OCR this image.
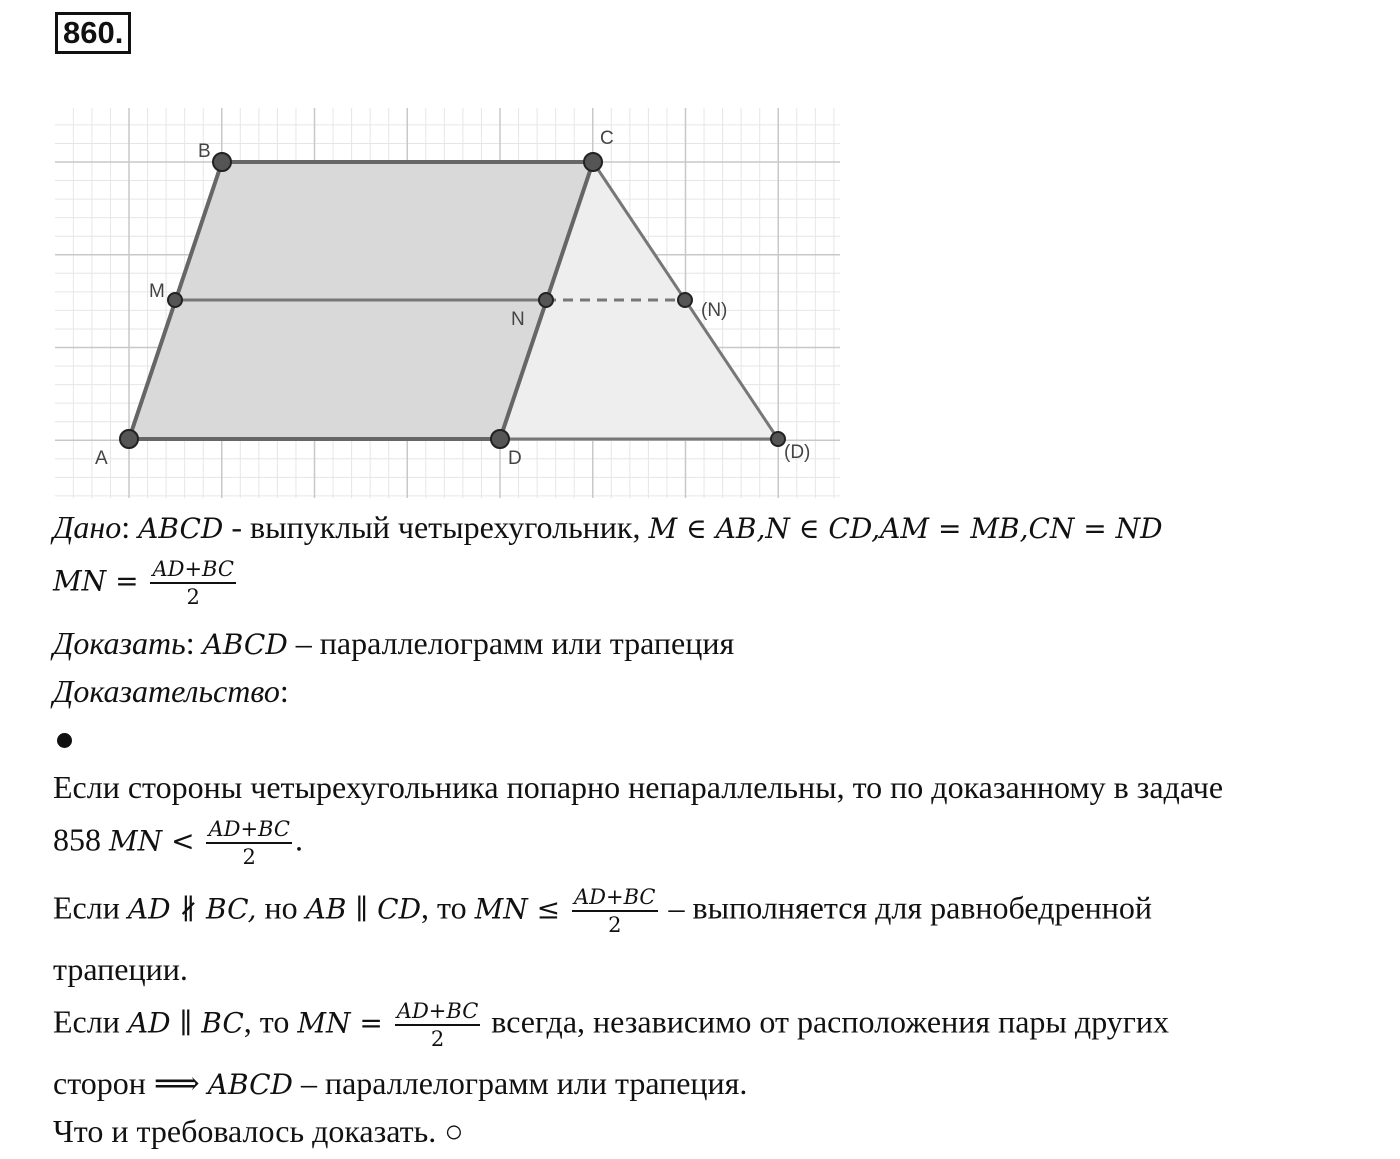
860.
A
B
C
D
M
N	(N)
(D)
Дано: ABCD - выпуклый четырехугольник, M ∈ AB,N ∈ CD,AM = MB,CN = ND
MN = $\frac{AD+BC}{2}$
Доказать: ABCD – параллелограмм или трапеция
Доказательство:
Если стороны четырехугольника попарно непараллельны, то по доказанному в задаче
858 MN < $\frac{AD+BC}{2}$ .
Если AD ∦ BC, но AB ∥ CD, то MN ≤ $\frac{AD+BC}{2}$ – выполняется для равнобедренной
трапеции.
Если AD ∥ BC, то MN = $\frac{AD+BC}{2}$ всегда, независимо от расположения пары других
сторон ⟹ ABCD – параллелограмм или трапеция.
Что и требовалось доказать. ○
